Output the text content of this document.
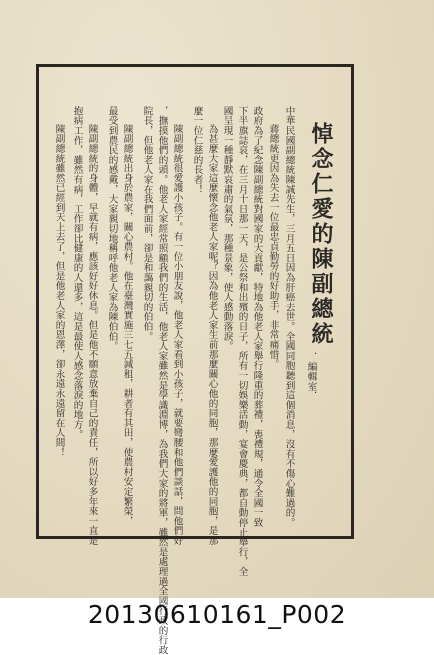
悼念仁愛的陳副總統
．編輯室．
中華民國副總統陳誠先生，三月五日因為肝癌去世。全國同胞聽到這個消息，沒有不傷心難過的。
蔣總統更因為失去一位最忠貞勤勞的好助手，非常痛惜。
政府為了紀念陳副總統對國家的大貢獻，特地為他老人家舉行隆重的葬禮，喪禮規，通令全國一致
下半旗誌哀，在三月十日那一天，是公祭和出殯的日子，所有一切娛樂活動，宴會慶典，都自動停止舉行，全
國呈現一種靜默哀肅的氣氛，那種景象，使人感動落淚。
為甚麼大家這麼懷念他老人家呢？因為他老人家生前那麼關心他的同胞，那麼愛護他的同胞，是那
麼一位仁慈的長者！
陳副總統很愛護小孩子。有一位小朋友說，他老人家看到小孩子，就要彎腰和他們談話，問他們好
，撫摸他們的頭。他老人家經常照顧我們的生活，他老人家雖然是學識淵博，為我們大家的將軍，雖然是處理過全國行政的行政
院長，但他老人家在我們面前，卻是和藹親切的伯伯。
陳副總統出身於農家，關心農村。他在臺灣實施三七五減租，耕者有其田，使農村安定繁榮，
最受到農民的感戴，大家親切地稱呼他老人家為陳伯伯。
陳副總統的身體，早就有病，應該好好休息。但是他不願意放棄自己的責任，所以好多年來一直是
抱病工作，雖然有病，工作卻比健康的人還多，這是最使人感念落淚的地方。
陳副總統雖然已經到天上去了，但是他老人家的恩澤，卻永遠永遠留在人間！
20130610161_P002
